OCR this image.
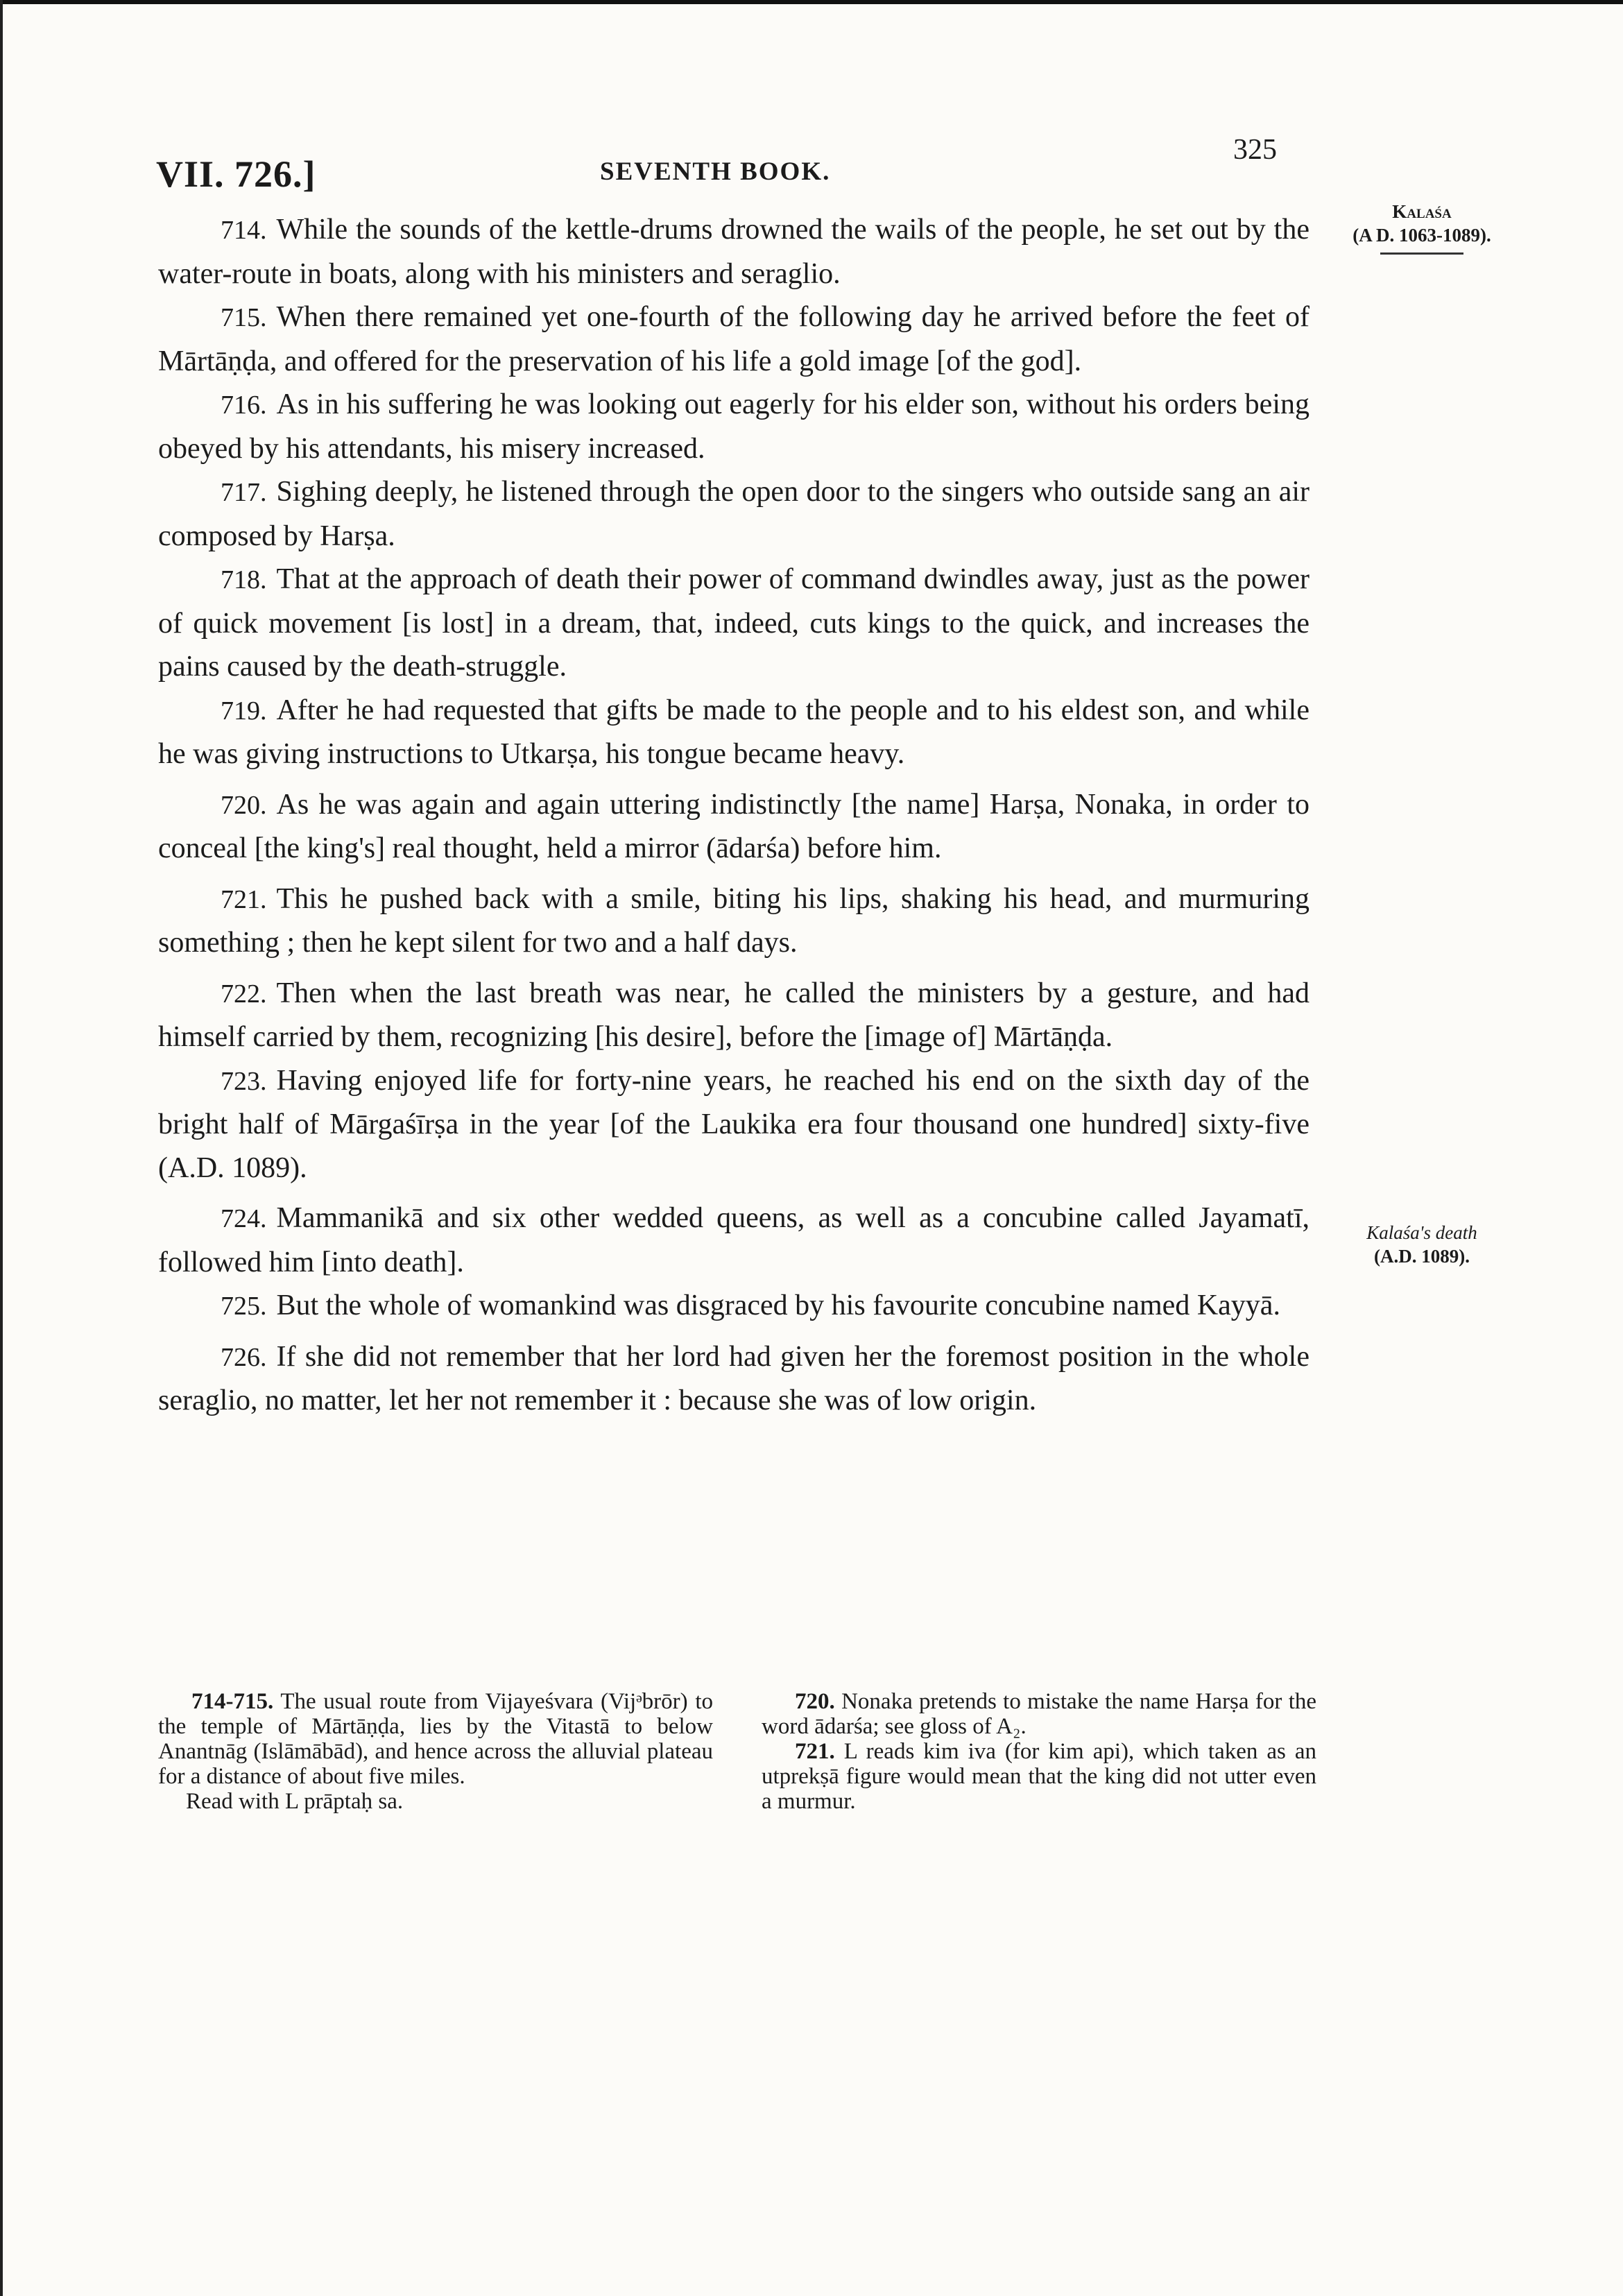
VII. 726.]	SEVENTH BOOK.
325
Kalaśa
(A D. 1063-1089).
Kalaśa's death
(A.D. 1089).

714. While the sounds of the kettle-drums drowned the wails of the people, he set out by the water-route in boats, along with his ministers and seraglio.

715. When there remained yet one-fourth of the following day he arrived before the feet of Mārtāṇḍa, and offered for the preservation of his life a gold image [of the god].

716. As in his suffering he was looking out eagerly for his elder son, without his orders being obeyed by his attendants, his misery increased.

717. Sighing deeply, he listened through the open door to the singers who outside sang an air composed by Harṣa.

718. That at the approach of death their power of command dwindles away, just as the power of quick movement [is lost] in a dream, that, indeed, cuts kings to the quick, and increases the pains caused by the death-struggle.

719. After he had requested that gifts be made to the people and to his eldest son, and while he was giving instructions to Utkarṣa, his tongue became heavy.

720. As he was again and again uttering indistinctly [the name] Harṣa, Nonaka, in order to conceal [the king's] real thought, held a mirror (ādarśa) before him.

721. This he pushed back with a smile, biting his lips, shaking his head, and murmuring something ; then he kept silent for two and a half days.

722. Then when the last breath was near, he called the ministers by a gesture, and had himself carried by them, recognizing [his desire], before the [image of] Mārtāṇḍa.

723. Having enjoyed life for forty-nine years, he reached his end on the sixth day of the bright half of Mārgaśīrṣa in the year [of the Laukika era four thousand one hundred] sixty-five (A.D. 1089).

724. Mammanikā and six other wedded queens, as well as a concubine called Jayamatī, followed him [into death].

725. But the whole of womankind was disgraced by his favourite concubine named Kayyā.

726. If she did not remember that her lord had given her the foremost position in the whole seraglio, no matter, let her not remember it : because she was of low origin.

714-715. The usual route from Vijayeśvara (Vijᵊbrōr) to the temple of Mārtāṇḍa, lies by the Vitastā to below Anantnāg (Islāmābād), and hence across the alluvial plateau for a distance of about five miles.

Read with L prāptaḥ sa.

720. Nonaka pretends to mistake the name Harṣa for the word ādarśa; see gloss of A₂.

721. L reads kim iva (for kim api), which taken as an utprekṣā figure would mean that the king did not utter even a murmur.
